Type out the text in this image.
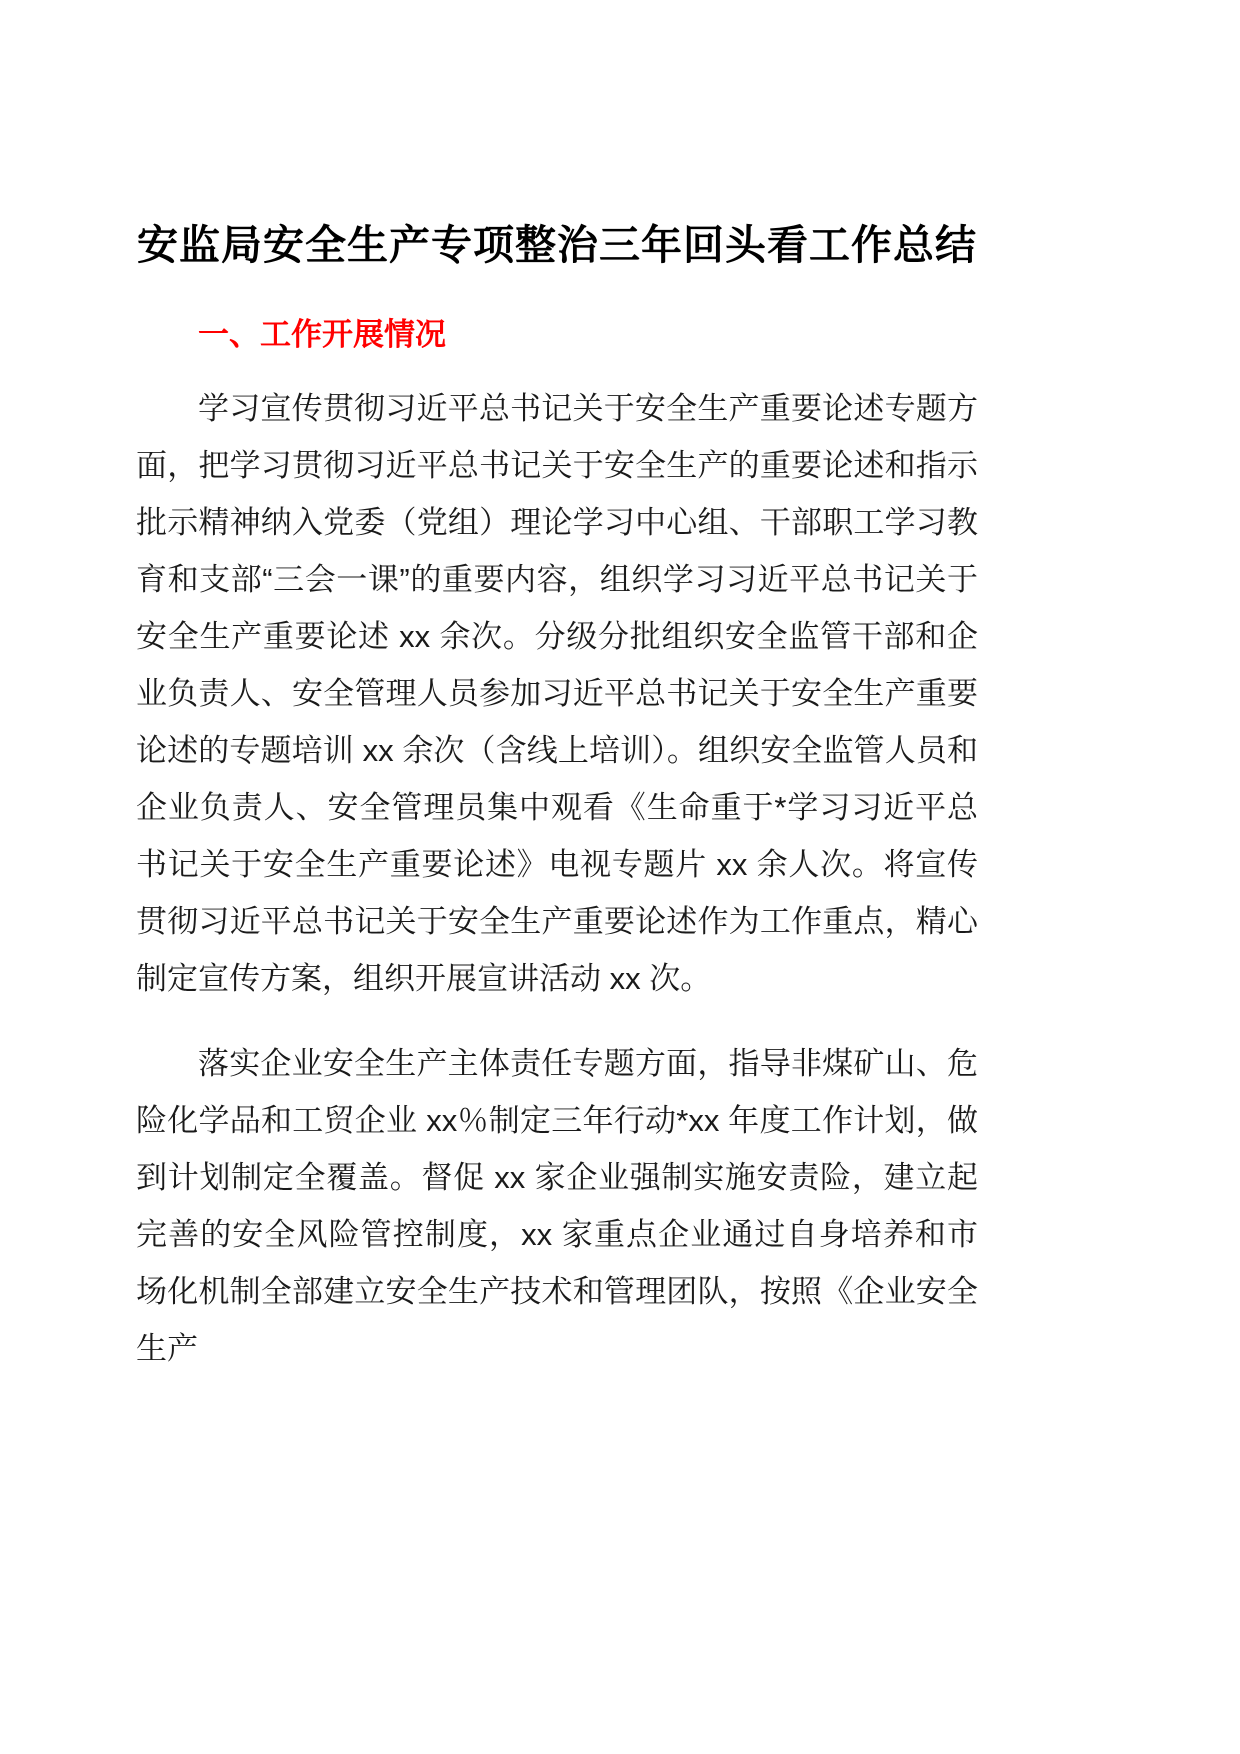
安监局安全生产专项整治三年回头看工作总结
一、工作开展情况

学习宣传贯彻习近平总书记关于安全生产重要论述专题方面，把学习贯彻习近平总书记关于安全生产的重要论述和指示批示精神纳入党委（党组）理论学习中心组、干部职工学习教育和支部“三会一课”的重要内容，组织学习习近平总书记关于安全生产重要论述 xx 余次。分级分批组织安全监管干部和企业负责人、安全管理人员参加习近平总书记关于安全生产重要论述的专题培训 xx 余次（含线上培训）。组织安全监管人员和企业负责人、安全管理员集中观看《生命重于*学习习近平总书记关于安全生产重要论述》电视专题片 xx 余人次。将宣传贯彻习近平总书记关于安全生产重要论述作为工作重点，精心制定宣传方案，组织开展宣讲活动 xx 次。

落实企业安全生产主体责任专题方面，指导非煤矿山、危险化学品和工贸企业 xx％制定三年行动*xx 年度工作计划，做到计划制定全覆盖。督促 xx 家企业强制实施安责险，建立起完善的安全风险管控制度，xx 家重点企业通过自身培养和市场化机制全部建立安全生产技术和管理团队，按照《企业安全生产
